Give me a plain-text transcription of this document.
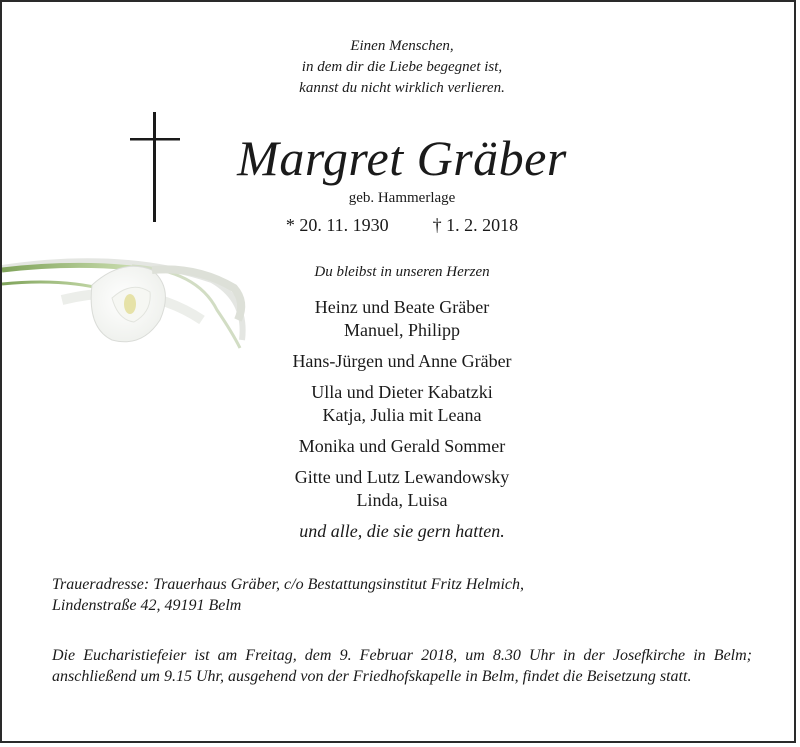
Einen Menschen,
in dem dir die Liebe begegnet ist,
kannst du nicht wirklich verlieren.
Margret Gräber
geb. Hammerlage
* 20. 11. 1930 † 1. 2. 2018
Du bleibst in unseren Herzen
Heinz und Beate Gräber
Manuel, Philipp
Hans-Jürgen und Anne Gräber
Ulla und Dieter Kabatzki
Katja, Julia mit Leana
Monika und Gerald Sommer
Gitte und Lutz Lewandowsky
Linda, Luisa
und alle, die sie gern hatten.
Traueradresse: Trauerhaus Gräber, c/o Bestattungsinstitut Fritz Helmich,
Lindenstraße 42, 49191 Belm
Die Eucharistiefeier ist am Freitag, dem 9. Februar 2018, um 8.30 Uhr in der Josefkirche in Belm; anschließend um 9.15 Uhr, ausgehend von der Friedhofskapelle in Belm, findet die Beisetzung statt.
